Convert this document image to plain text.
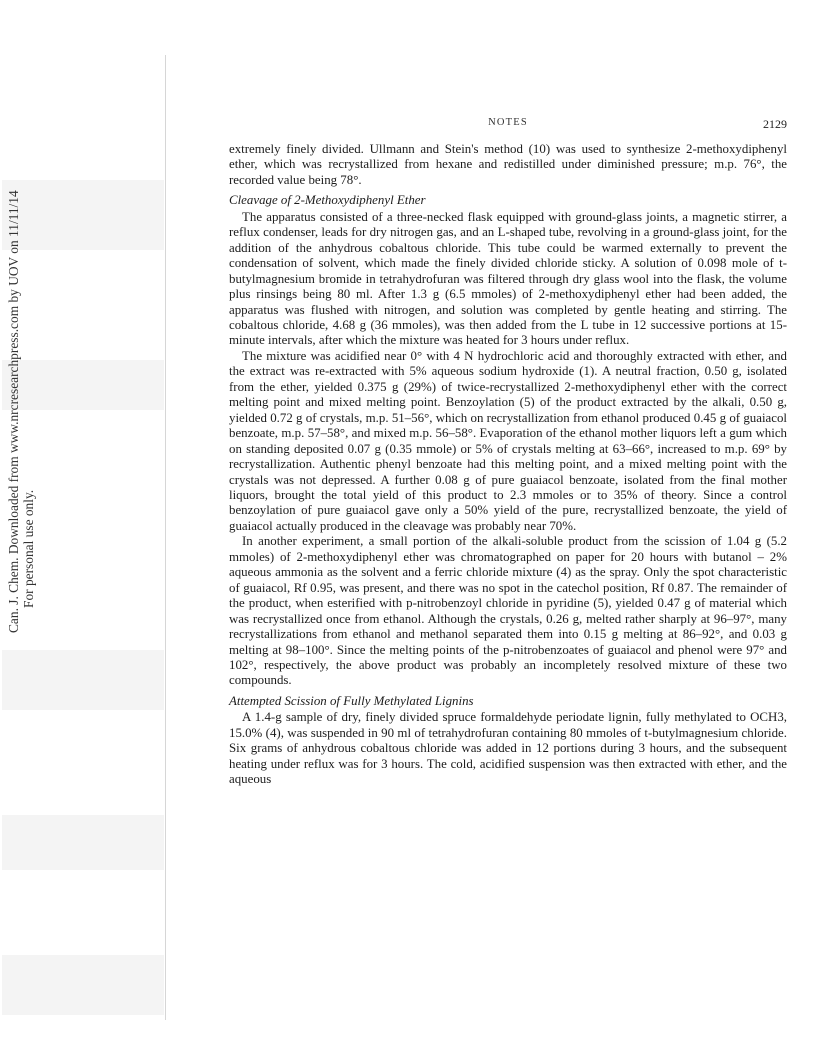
Can. J. Chem. Downloaded from www.nrcresearchpress.com by UOV on 11/11/14 For personal use only.
NOTES	2129

extremely finely divided. Ullmann and Stein's method (10) was used to synthesize 2-methoxydiphenyl ether, which was recrystallized from hexane and redistilled under diminished pressure; m.p. 76°, the recorded value being 78°.

Cleavage of 2-Methoxydiphenyl Ether

The apparatus consisted of a three-necked flask equipped with ground-glass joints, a magnetic stirrer, a reflux condenser, leads for dry nitrogen gas, and an L-shaped tube, revolving in a ground-glass joint, for the addition of the anhydrous cobaltous chloride. This tube could be warmed externally to prevent the condensation of solvent, which made the finely divided chloride sticky. A solution of 0.098 mole of t-butylmagnesium bromide in tetrahydrofuran was filtered through dry glass wool into the flask, the volume plus rinsings being 80 ml. After 1.3 g (6.5 mmoles) of 2-methoxydiphenyl ether had been added, the apparatus was flushed with nitrogen, and solution was completed by gentle heating and stirring. The cobaltous chloride, 4.68 g (36 mmoles), was then added from the L tube in 12 successive portions at 15-minute intervals, after which the mixture was heated for 3 hours under reflux.

The mixture was acidified near 0° with 4 N hydrochloric acid and thoroughly extracted with ether, and the extract was re-extracted with 5% aqueous sodium hydroxide (1). A neutral fraction, 0.50 g, isolated from the ether, yielded 0.375 g (29%) of twice-recrystallized 2-methoxydiphenyl ether with the correct melting point and mixed melting point. Benzoylation (5) of the product extracted by the alkali, 0.50 g, yielded 0.72 g of crystals, m.p. 51–56°, which on recrystallization from ethanol produced 0.45 g of guaiacol benzoate, m.p. 57–58°, and mixed m.p. 56–58°. Evaporation of the ethanol mother liquors left a gum which on standing deposited 0.07 g (0.35 mmole) or 5% of crystals melting at 63–66°, increased to m.p. 69° by recrystallization. Authentic phenyl benzoate had this melting point, and a mixed melting point with the crystals was not depressed. A further 0.08 g of pure guaiacol benzoate, isolated from the final mother liquors, brought the total yield of this product to 2.3 mmoles or to 35% of theory. Since a control benzoylation of pure guaiacol gave only a 50% yield of the pure, recrystallized benzoate, the yield of guaiacol actually produced in the cleavage was probably near 70%.

In another experiment, a small portion of the alkali-soluble product from the scission of 1.04 g (5.2 mmoles) of 2-methoxydiphenyl ether was chromatographed on paper for 20 hours with butanol – 2% aqueous ammonia as the solvent and a ferric chloride mixture (4) as the spray. Only the spot characteristic of guaiacol, Rf 0.95, was present, and there was no spot in the catechol position, Rf 0.87. The remainder of the product, when esterified with p-nitrobenzoyl chloride in pyridine (5), yielded 0.47 g of material which was recrystallized once from ethanol. Although the crystals, 0.26 g, melted rather sharply at 96–97°, many recrystallizations from ethanol and methanol separated them into 0.15 g melting at 86–92°, and 0.03 g melting at 98–100°. Since the melting points of the p-nitrobenzoates of guaiacol and phenol were 97° and 102°, respectively, the above product was probably an incompletely resolved mixture of these two compounds.

Attempted Scission of Fully Methylated Lignins

A 1.4-g sample of dry, finely divided spruce formaldehyde periodate lignin, fully methylated to OCH3, 15.0% (4), was suspended in 90 ml of tetrahydrofuran containing 80 mmoles of t-butylmagnesium chloride. Six grams of anhydrous cobaltous chloride was added in 12 portions during 3 hours, and the subsequent heating under reflux was for 3 hours. The cold, acidified suspension was then extracted with ether, and the aqueous
